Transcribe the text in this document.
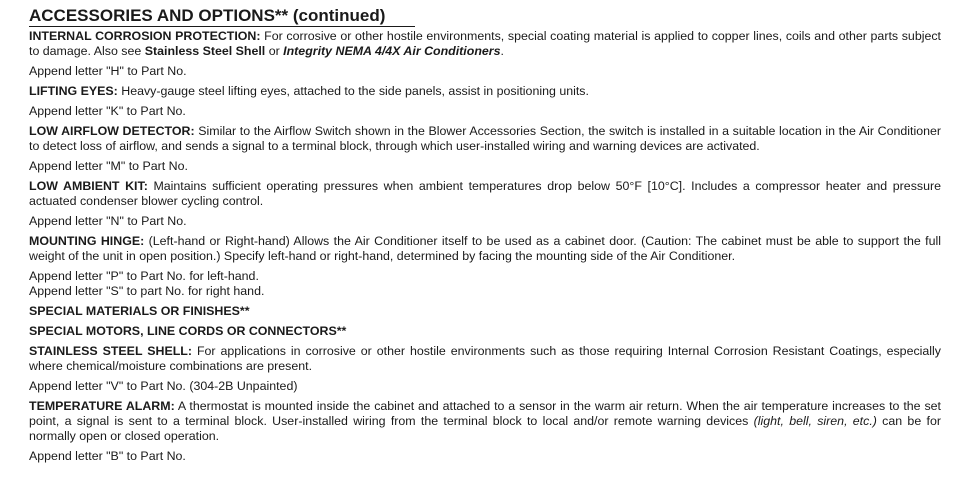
ACCESSORIES AND OPTIONS** (continued)

INTERNAL CORROSION PROTECTION: For corrosive or other hostile environments, special coating material is applied to copper lines, coils and other parts subject to damage. Also see Stainless Steel Shell or Integrity NEMA 4/4X Air Conditioners.

Append letter "H" to Part No.

LIFTING EYES: Heavy-gauge steel lifting eyes, attached to the side panels, assist in positioning units.

Append letter "K" to Part No.

LOW AIRFLOW DETECTOR: Similar to the Airflow Switch shown in the Blower Accessories Section, the switch is installed in a suitable location in the Air Conditioner to detect loss of airflow, and sends a signal to a terminal block, through which user-installed wiring and warning devices are activated.

Append letter "M" to Part No.

LOW AMBIENT KIT: Maintains sufficient operating pressures when ambient temperatures drop below 50°F [10°C]. Includes a compressor heater and pressure actuated condenser blower cycling control.

Append letter "N" to Part No.

MOUNTING HINGE: (Left-hand or Right-hand) Allows the Air Conditioner itself to be used as a cabinet door. (Caution: The cabinet must be able to support the full weight of the unit in open position.) Specify left-hand or right-hand, determined by facing the mounting side of the Air Conditioner.

Append letter "P" to Part No. for left-hand.

Append letter "S" to part No. for right hand.

SPECIAL MATERIALS OR FINISHES**

SPECIAL MOTORS, LINE CORDS OR CONNECTORS**

STAINLESS STEEL SHELL: For applications in corrosive or other hostile environments such as those requiring Internal Corrosion Resistant Coatings, especially where chemical/moisture combinations are present.

Append letter "V" to Part No. (304-2B Unpainted)

TEMPERATURE ALARM: A thermostat is mounted inside the cabinet and attached to a sensor in the warm air return. When the air temperature increases to the set point, a signal is sent to a terminal block. User-installed wiring from the terminal block to local and/or remote warning devices (light, bell, siren, etc.) can be for normally open or closed operation.

Append letter "B" to Part No.
